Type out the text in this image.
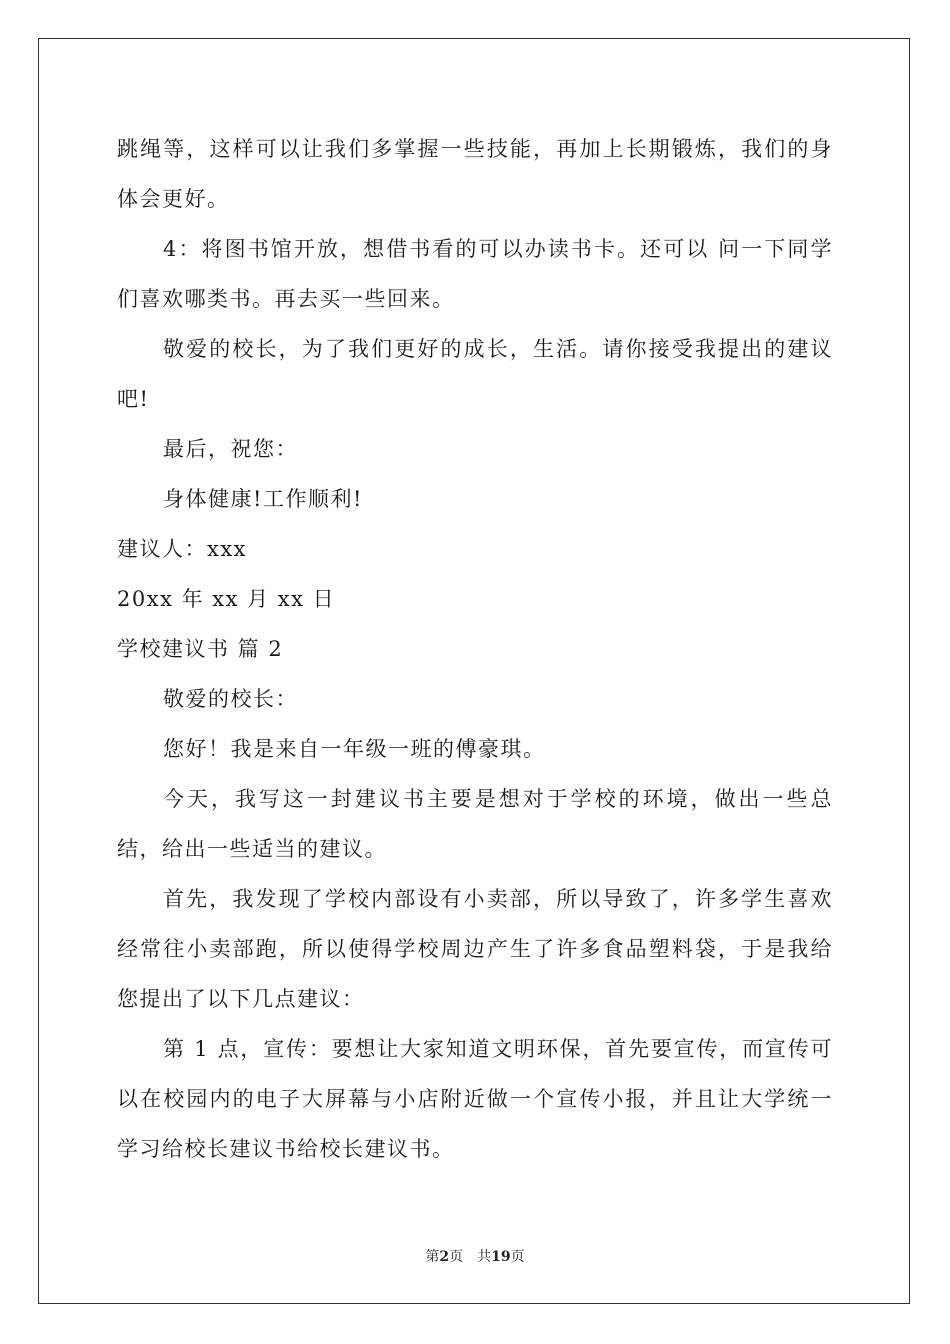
跳绳等，这样可以让我们多掌握一些技能，再加上长期锻炼，我们的身体会更好。

4：将图书馆开放，想借书看的可以办读书卡。还可以 问一下同学们喜欢哪类书。再去买一些回来。

敬爱的校长，为了我们更好的成长，生活。请你接受我提出的建议吧!

最后，祝您：

身体健康!工作顺利!

建议人：xxx

20xx 年 xx 月 xx 日

学校建议书 篇 2

敬爱的校长：

您好！我是来自一年级一班的傅豪琪。

今天，我写这一封建议书主要是想对于学校的环境，做出一些总结，给出一些适当的建议。

首先，我发现了学校内部设有小卖部，所以导致了，许多学生喜欢经常往小卖部跑，所以使得学校周边产生了许多食品塑料袋，于是我给您提出了以下几点建议：

第 1 点，宣传：要想让大家知道文明环保，首先要宣传，而宣传可以在校园内的电子大屏幕与小店附近做一个宣传小报，并且让大学统一学习给校长建议书给校长建议书。

第2页 共19页
